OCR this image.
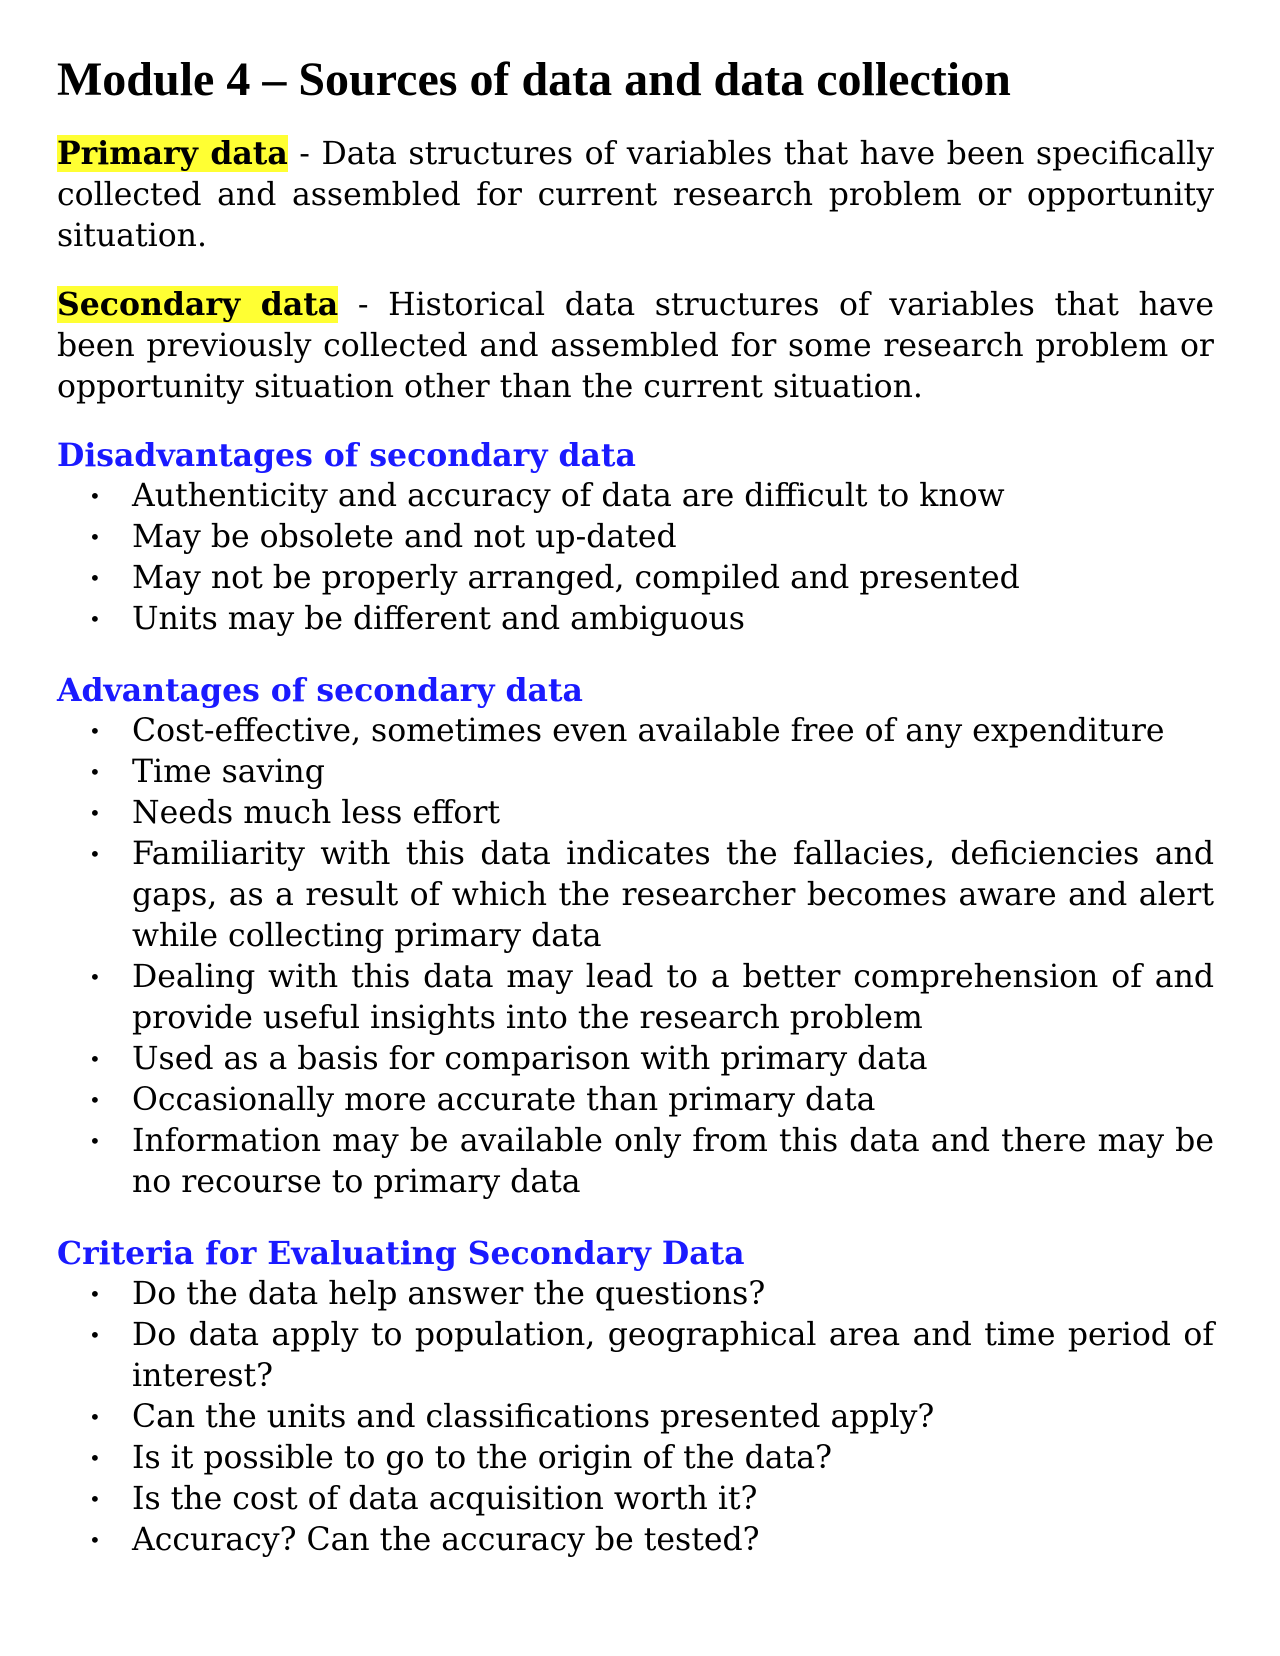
Module 4 – Sources of data and data collection

Primary data - Data structures of variables that have been specifically collected and assembled for current research problem or opportunity situation.

Secondary data - Historical data structures of variables that have been previously collected and assembled for some research problem or opportunity situation other than the current situation.

Disadvantages of secondary data
• Authenticity and accuracy of data are difficult to know
• May be obsolete and not up-dated
• May not be properly arranged, compiled and presented
• Units may be different and ambiguous
Advantages of secondary data
• Cost-effective, sometimes even available free of any expenditure
• Time saving
• Needs much less effort
• Familiarity with this data indicates the fallacies, deficiencies and gaps, as a result of which the researcher becomes aware and alert while collecting primary data
• Dealing with this data may lead to a better comprehension of and provide useful insights into the research problem
• Used as a basis for comparison with primary data
• Occasionally more accurate than primary data
• Information may be available only from this data and there may be no recourse to primary data
Criteria for Evaluating Secondary Data
• Do the data help answer the questions?
• Do data apply to population, geographical area and time period of interest?
• Can the units and classifications presented apply?
• Is it possible to go to the origin of the data?
• Is the cost of data acquisition worth it?
• Accuracy? Can the accuracy be tested?
